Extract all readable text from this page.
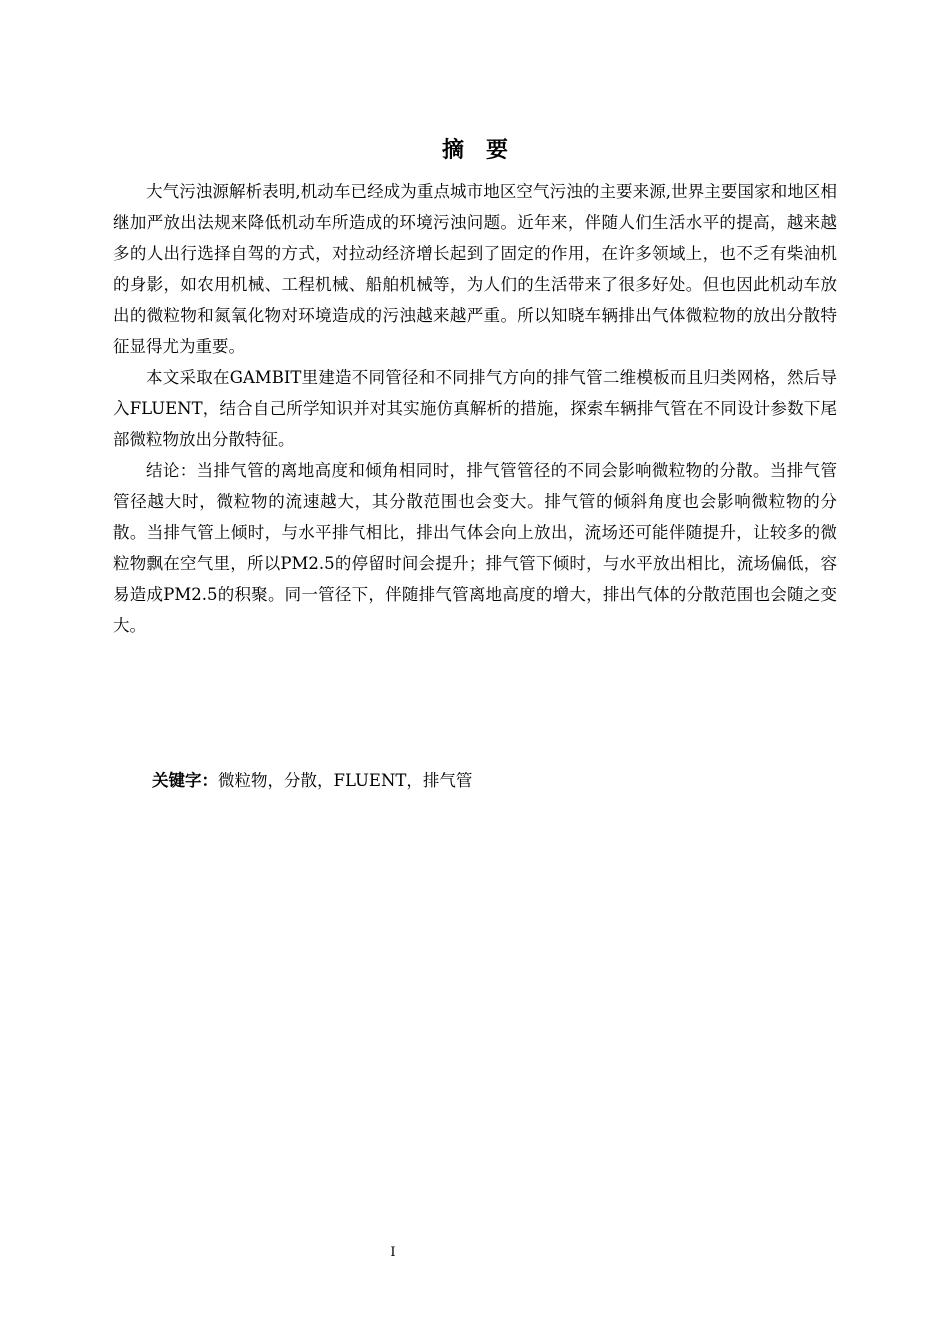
摘要

大气污浊源解析表明,机动车已经成为重点城市地区空气污浊的主要来源,世界主要国家和地区相继加严放出法规来降低机动车所造成的环境污浊问题。近年来，伴随人们生活水平的提高，越来越多的人出行选择自驾的方式，对拉动经济增长起到了固定的作用，在许多领域上，也不乏有柴油机的身影，如农用机械、工程机械、船舶机械等，为人们的生活带来了很多好处。但也因此机动车放出的微粒物和氮氧化物对环境造成的污浊越来越严重。所以知晓车辆排出气体微粒物的放出分散特征显得尤为重要。

本文采取在GAMBIT里建造不同管径和不同排气方向的排气管二维模板而且归类网格，然后导入FLUENT，结合自己所学知识并对其实施仿真解析的措施，探索车辆排气管在不同设计参数下尾部微粒物放出分散特征。

结论：当排气管的离地高度和倾角相同时，排气管管径的不同会影响微粒物的分散。当排气管管径越大时，微粒物的流速越大，其分散范围也会变大。排气管的倾斜角度也会影响微粒物的分散。当排气管上倾时，与水平排气相比，排出气体会向上放出，流场还可能伴随提升，让较多的微粒物飘在空气里，所以PM2.5的停留时间会提升；排气管下倾时，与水平放出相比，流场偏低，容易造成PM2.5的积聚。同一管径下，伴随排气管离地高度的增大，排出气体的分散范围也会随之变大。

关键字：微粒物，分散，FLUENT，排气管
I
